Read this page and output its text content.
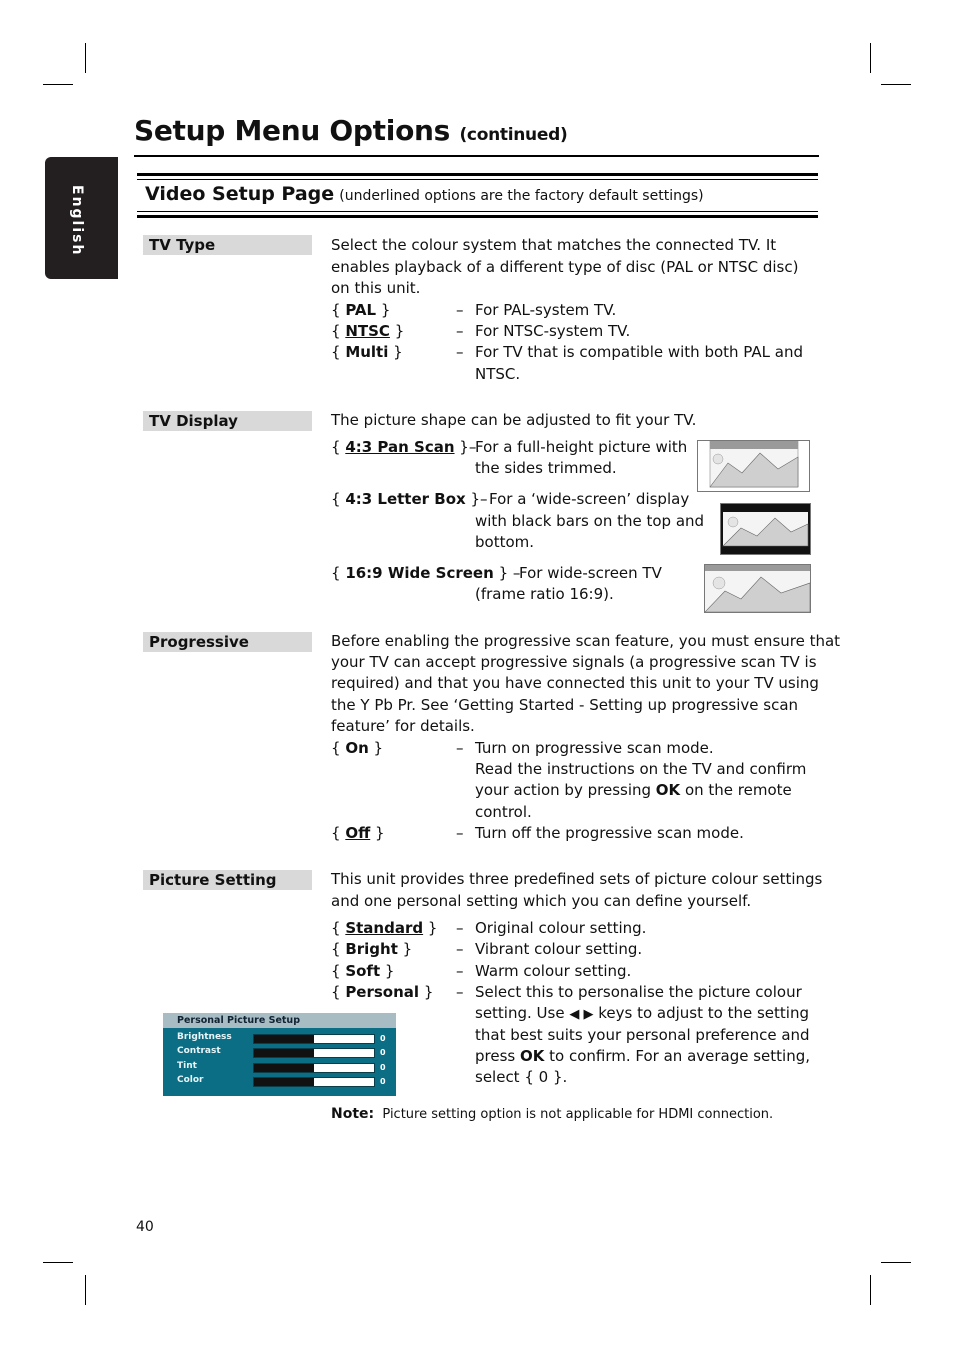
Setup Menu Options (continued)
English	Video Setup Page (underlined options are the factory default settings)
TV Type	Select the colour system that matches the connected TV. It
enables playback of a different type of disc (PAL or NTSC disc)
on this unit.
{ PAL }	– For PAL-system TV.
{ NTSC }	– For NTSC-system TV.
{ Multi }	– For TV that is compatible with both PAL and
NTSC.
TV Display	The picture shape can be adjusted to fit your TV.
{ 4:3 Pan Scan }–
For a full-height picture with
the sides trimmed.
{ 4:3 Letter Box }– For a ‘wide-screen’ display
with black bars on the top and
bottom.
{ 16:9 Wide Screen } –
For wide-screen TV
(frame ratio 16:9).
Progressive	Before enabling the progressive scan feature, you must ensure that
your TV can accept progressive signals (a progressive scan TV is
required) and that you have connected this unit to your TV using
the Y Pb Pr. See ‘Getting Started - Setting up progressive scan
feature’ for details.
{ On }	– Turn on progressive scan mode.
Read the instructions on the TV and confirm
your action by pressing OK on the remote
control.
{ Off }	– Turn off the progressive scan mode.
Picture Setting	This unit provides three predefined sets of picture colour settings
and one personal setting which you can define yourself.
{ Standard } – Original colour setting.
{ Bright }	– Vibrant colour setting.
{ Soft }	– Warm colour setting.
{ Personal } – Select this to personalise the picture colour
setting. Use ◀ ▶ keys to adjust to the setting
that best suits your personal preference and
press OK to confirm. For an average setting,
select { 0 }.
Personal Picture Setup
Brightness	0
Contrast	0
Tint	0
Color	0
Note: Picture setting option is not applicable for HDMI connection.
40
